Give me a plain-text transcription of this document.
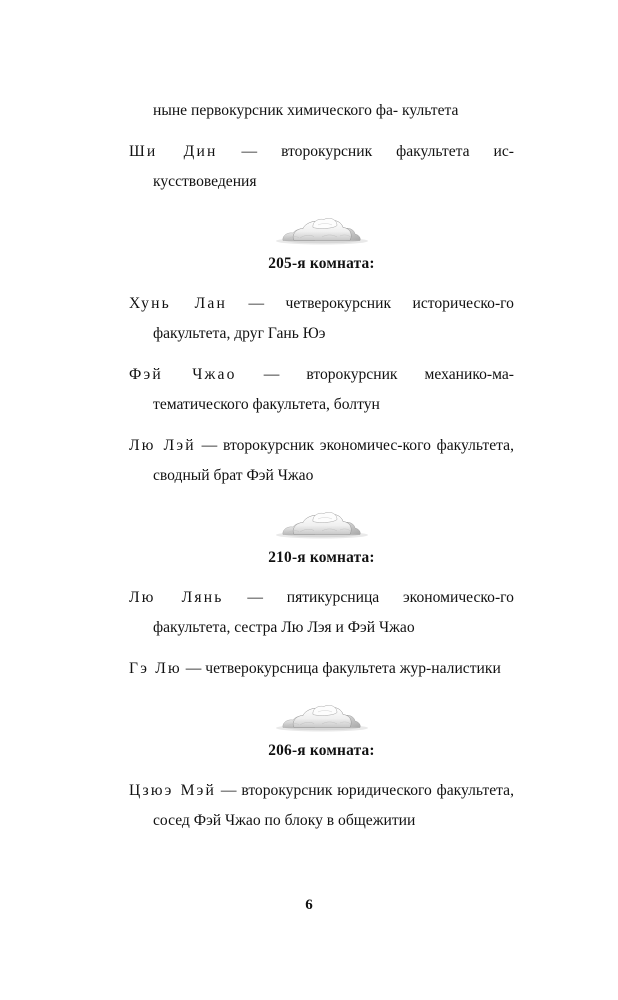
ныне первокурсник химического фа- культета

Ши Дин — второкурсник факультета ис-кусствоведения

205-я комната:

Хунь Лан — четверокурсник историческо-го факультета, друг Гань Юэ

Фэй Чжао — второкурсник механико-ма-тематического факультета, болтун

Лю Лэй — второкурсник экономичес-кого факультета, сводный брат Фэй Чжао

210-я комната:

Лю Лянь — пятикурсница экономическо-го факультета, сестра Лю Лэя и Фэй Чжао

Гэ Лю — четверокурсница факультета жур-налистики

206-я комната:

Цзюэ Мэй — второкурсник юридического факультета, сосед Фэй Чжао по блоку в общежитии

6
